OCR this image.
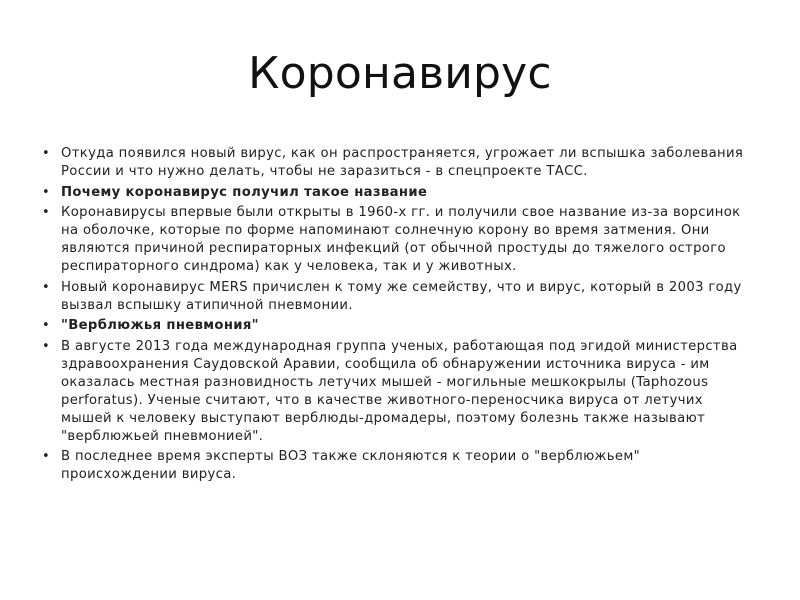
Коронавирус
• Откуда появился новый вирус, как он распространяется, угрожает ли вспышка заболевания России и что нужно делать, чтобы не заразиться - в спецпроекте ТАСС.
• Почему коронавирус получил такое название
• Коронавирусы впервые были открыты в 1960-х гг. и получили свое название из-за ворсинок на оболочке, которые по форме напоминают солнечную корону во время затмения. Они являются причиной респираторных инфекций (от обычной простуды до тяжелого острого респираторного синдрома) как у человека, так и у животных.
• Новый коронавирус MERS причислен к тому же семейству, что и вирус, который в 2003 году вызвал вспышку атипичной пневмонии.
• "Верблюжья пневмония"
• В августе 2013 года международная группа ученых, работающая под эгидой министерства здравоохранения Саудовской Аравии, сообщила об обнаружении источника вируса - им оказалась местная разновидность летучих мышей - могильные мешкокрылы (Taphozous perforatus). Ученые считают, что в качестве животного-переносчика вируса от летучих мышей к человеку выступают верблюды-дромадеры, поэтому болезнь также называют "верблюжьей пневмонией".
• В последнее время эксперты ВОЗ также склоняются к теории о "верблюжьем" происхождении вируса.
